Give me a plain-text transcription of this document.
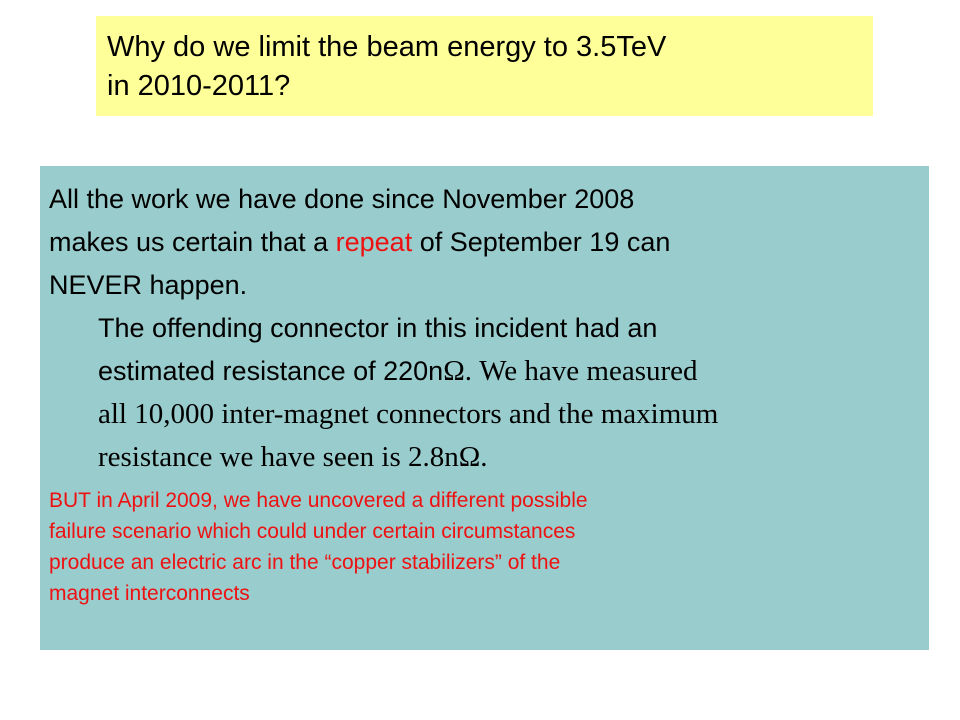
Why do we limit the beam energy to 3.5TeV
in 2010-2011?
All the work we have done since November 2008
makes us certain that a repeat of September 19 can
NEVER happen.
The offending connector in this incident had an
estimated resistance of 220nΩ. We have measured
all 10,000 inter-magnet connectors and the maximum
resistance we have seen is 2.8nΩ.
BUT in April 2009, we have uncovered a different possible
failure scenario which could under certain circumstances
produce an electric arc in the “copper stabilizers” of the
magnet interconnects
